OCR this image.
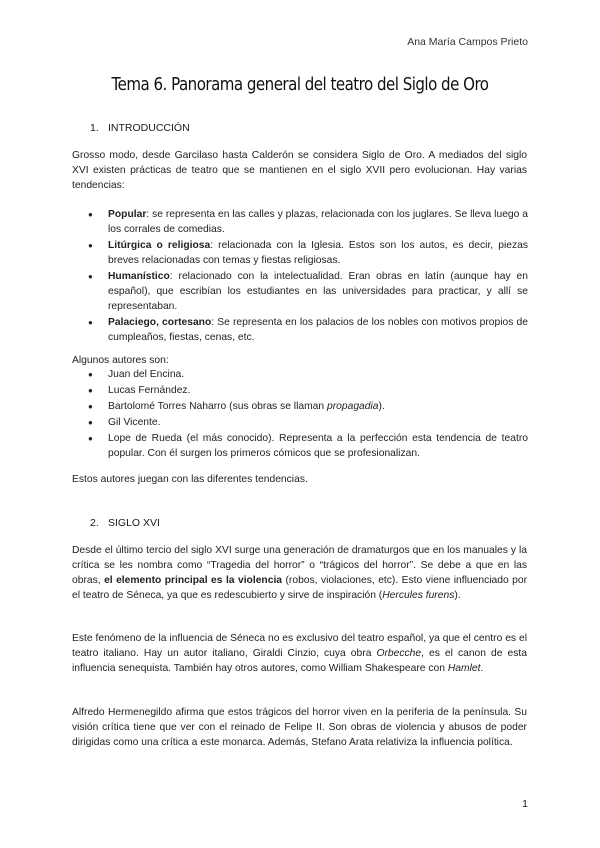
Ana María Campos Prieto
Tema 6. Panorama general del teatro del Siglo de Oro
1. INTRODUCCIÓN
Grosso modo, desde Garcilaso hasta Calderón se considera Siglo de Oro. A mediados del siglo XVI existen prácticas de teatro que se mantienen en el siglo XVII pero evolucionan. Hay varias tendencias:
● Popular: se representa en las calles y plazas, relacionada con los juglares. Se lleva luego a los corrales de comedias.
● Litúrgica o religiosa: relacionada con la Iglesia. Estos son los autos, es decir, piezas breves relacionadas con temas y fiestas religiosas.
● Humanístico: relacionado con la intelectualidad. Eran obras en latín (aunque hay en español), que escribían los estudiantes en las universidades para practicar, y allí se representaban.
● Palaciego, cortesano: Se representa en los palacios de los nobles con motivos propios de cumpleaños, fiestas, cenas, etc.
Algunos autores son:
● Juan del Encina.
● Lucas Fernández.
● Bartolomé Torres Naharro (sus obras se llaman propagadia).
● Gil Vicente.
● Lope de Rueda (el más conocido). Representa a la perfección esta tendencia de teatro popular. Con él surgen los primeros cómicos que se profesionalizan.
Estos autores juegan con las diferentes tendencias.
2. SIGLO XVI
Desde el último tercio del siglo XVI surge una generación de dramaturgos que en los manuales y la crítica se les nombra como “Tragedia del horror” o “trágicos del horror”. Se debe a que en las obras, el elemento principal es la violencia (robos, violaciones, etc). Esto viene influenciado por el teatro de Séneca, ya que es redescubierto y sirve de inspiración (Hercules furens).
Este fenómeno de la influencia de Séneca no es exclusivo del teatro español, ya que el centro es el teatro italiano. Hay un autor italiano, Giraldi Cinzio, cuya obra Orbecche, es el canon de esta influencia senequista. También hay otros autores, como William Shakespeare con Hamlet.
Alfredo Hermenegildo afirma que estos trágicos del horror viven en la periferia de la península. Su visión crítica tiene que ver con el reinado de Felipe II. Son obras de violencia y abusos de poder dirigidas como una crítica a este monarca. Además, Stefano Arata relativiza la influencia política.
1
